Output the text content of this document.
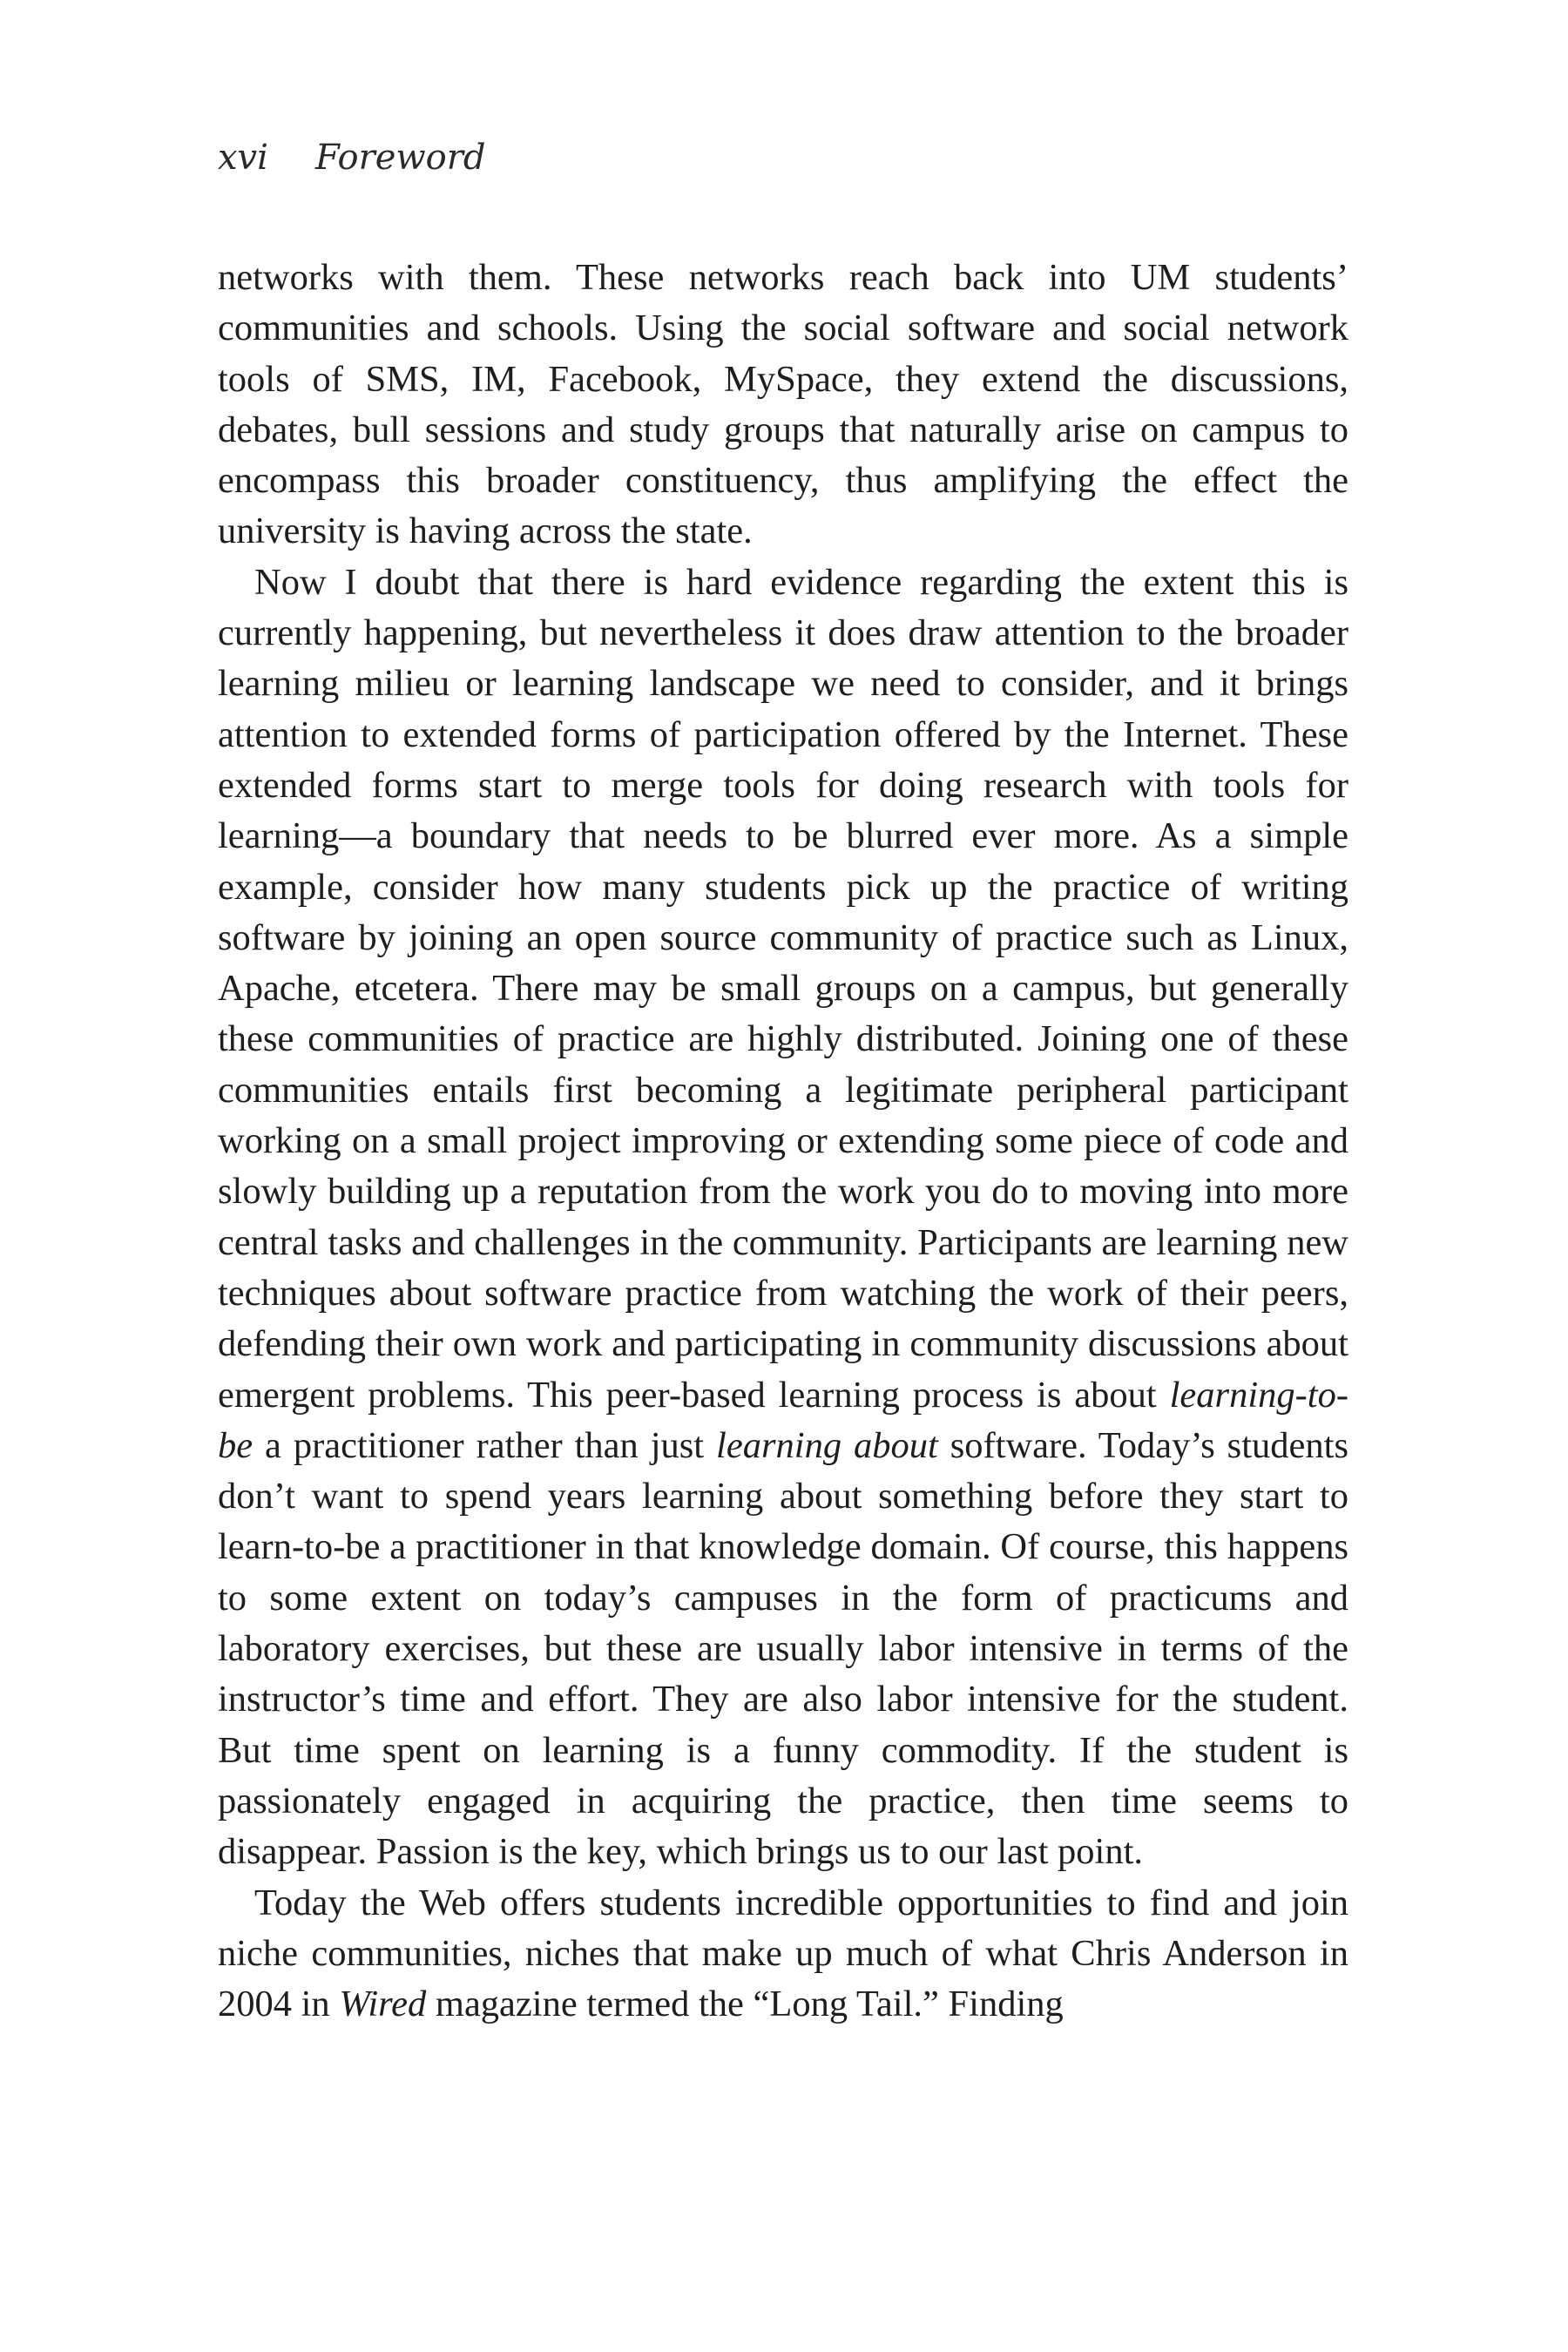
xvi Foreword

networks with them. These networks reach back into UM students’ communities and schools. Using the social software and social network tools of SMS, IM, Facebook, MySpace, they extend the discussions, debates, bull sessions and study groups that naturally arise on campus to encompass this broader constituency, thus amplifying the effect the university is having across the state.

Now I doubt that there is hard evidence regarding the extent this is currently happening, but nevertheless it does draw attention to the broader learning milieu or learning landscape we need to consider, and it brings attention to extended forms of participation offered by the Internet. These extended forms start to merge tools for doing research with tools for learning—a boundary that needs to be blurred ever more. As a simple example, consider how many students pick up the practice of writing software by joining an open source community of practice such as Linux, Apache, etcetera. There may be small groups on a campus, but generally these communities of practice are highly distributed. Joining one of these communities entails first becoming a legitimate peripheral participant working on a small project improving or extending some piece of code and slowly building up a reputation from the work you do to moving into more central tasks and challenges in the community. Participants are learning new techniques about software practice from watching the work of their peers, defending their own work and participating in community discussions about emergent problems. This peer-based learning process is about learning-to-be a practitioner rather than just learning about software. Today’s students don’t want to spend years learning about something before they start to learn-to-be a practitioner in that knowledge domain. Of course, this happens to some extent on today’s campuses in the form of practicums and laboratory exercises, but these are usually labor intensive in terms of the instructor’s time and effort. They are also labor intensive for the student. But time spent on learning is a funny commodity. If the student is passionately engaged in acquiring the practice, then time seems to disappear. Passion is the key, which brings us to our last point.

Today the Web offers students incredible opportunities to find and join niche communities, niches that make up much of what Chris Anderson in 2004 in Wired magazine termed the “Long Tail.” Finding
